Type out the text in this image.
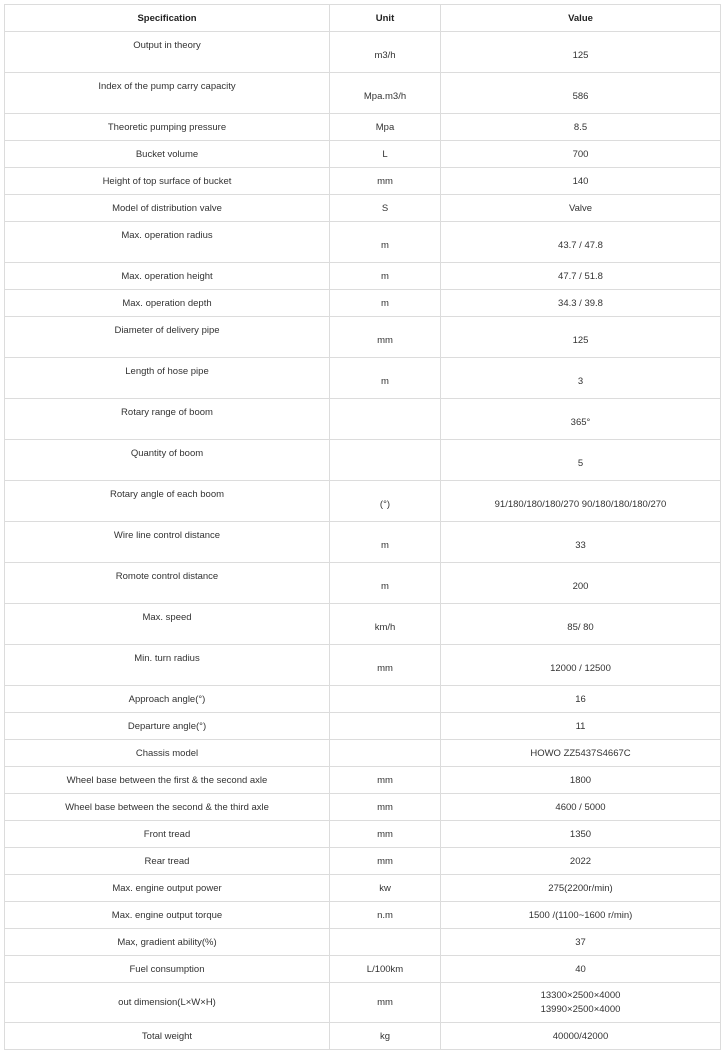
Specification	Unit	Value
Output in theory	m3/h	125
Index of the pump carry capacity	Mpa.m3/h	586
Theoretic pumping pressure	Mpa	8.5
Bucket volume	L	700
Height of top surface of bucket	mm	140
Model of distribution valve	S	Valve
Max. operation radius	m	43.7 / 47.8
Max. operation height	m	47.7 / 51.8
Max. operation depth	m	34.3 / 39.8
Diameter of delivery pipe	mm	125
Length of hose pipe	m	3
Rotary range of boom		365°
Quantity of boom		5
Rotary angle of each boom	(°)	91/180/180/180/270 90/180/180/180/270
Wire line control distance	m	33
Romote control distance	m	200
Max. speed	km/h	85/ 80
Min. turn radius	mm	12000 / 12500
Approach angle(°)		16
Departure angle(°)		11
Chassis model		HOWO ZZ5437S4667C
Wheel base between the first & the second axle	mm	1800
Wheel base between the second & the third axle	mm	4600 / 5000
Front tread	mm	1350
Rear tread	mm	2022
Max. engine output power	kw	275(2200r/min)
Max. engine output torque	n.m	1500 /(1100~1600 r/min)
Max, gradient ability(%)		37
Fuel consumption	L/100km	40
out dimension(L×W×H)	mm	13300×2500×4000
13990×2500×4000

Total weight	kg	40000/42000
